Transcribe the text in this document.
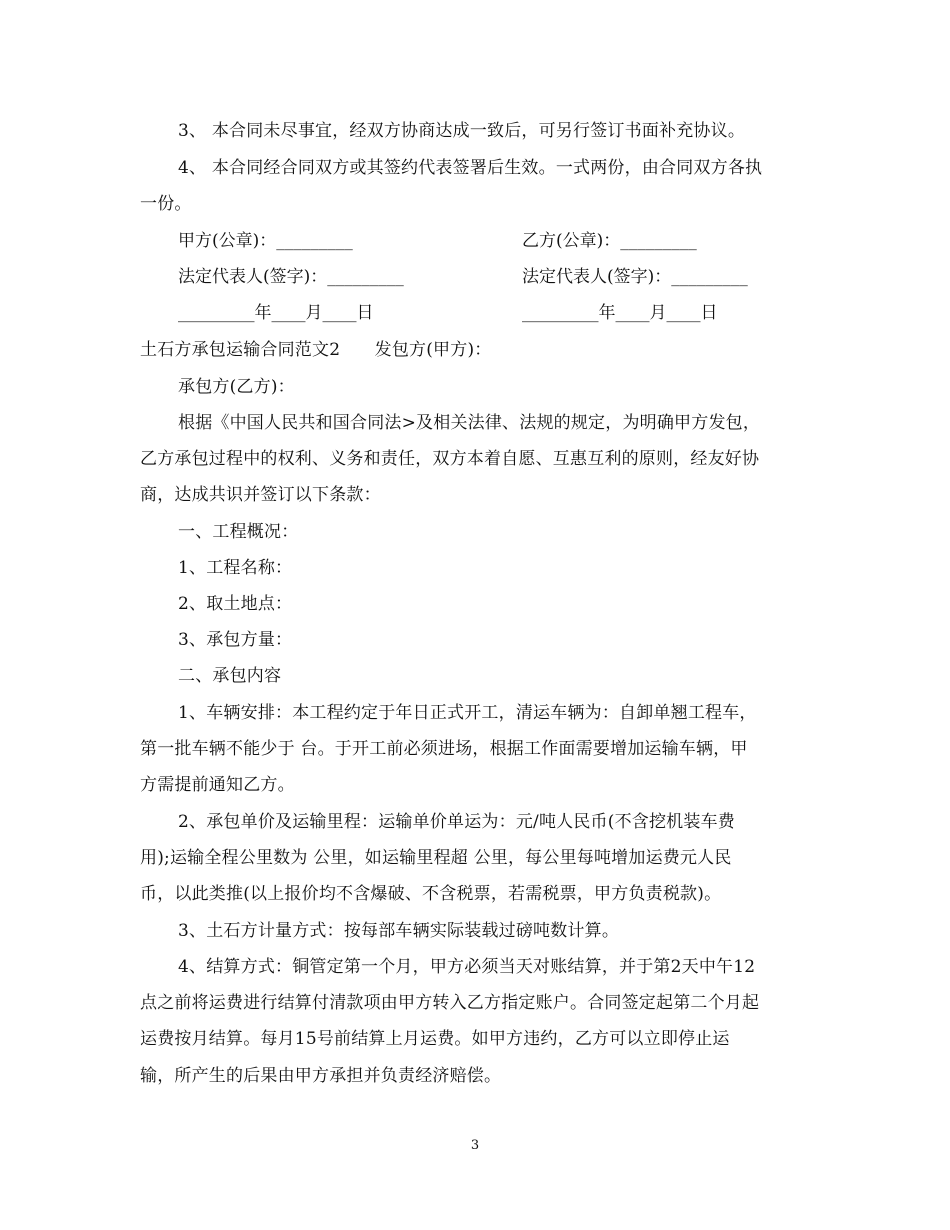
3、 本合同未尽事宜，经双方协商达成一致后，可另行签订书面补充协议。
4、 本合同经合同双方或其签约代表签署后生效。一式两份，由合同双方各执
一份。
甲方(公章)：_________	乙方(公章)：_________
法定代表人(签字)：_________	法定代表人(签字)：_________
_________年____月____日	_________年____月____日
土石方承包运输合同范文2　　发包方(甲方)：
承包方(乙方)：
根据《中国人民共和国合同法>及相关法律、法规的规定，为明确甲方发包，
乙方承包过程中的权利、义务和责任，双方本着自愿、互惠互利的原则，经友好协
商，达成共识并签订以下条款：
一、工程概况：
1、工程名称：
2、取土地点：
3、承包方量：
二、承包内容
1、车辆安排：本工程约定于年日正式开工，清运车辆为：自卸单翘工程车，
第一批车辆不能少于 台。于开工前必须进场，根据工作面需要增加运输车辆，甲
方需提前通知乙方。
2、承包单价及运输里程：运输单价单运为：元/吨人民币(不含挖机装车费
用);运输全程公里数为 公里，如运输里程超 公里，每公里每吨增加运费元人民
币，以此类推(以上报价均不含爆破、不含税票，若需税票，甲方负责税款)。
3、土石方计量方式：按每部车辆实际装载过磅吨数计算。
4、结算方式：铜管定第一个月，甲方必须当天对账结算，并于第2天中午12
点之前将运费进行结算付清款项由甲方转入乙方指定账户。合同签定起第二个月起
运费按月结算。每月15号前结算上月运费。如甲方违约，乙方可以立即停止运
输，所产生的后果由甲方承担并负责经济赔偿。
3
